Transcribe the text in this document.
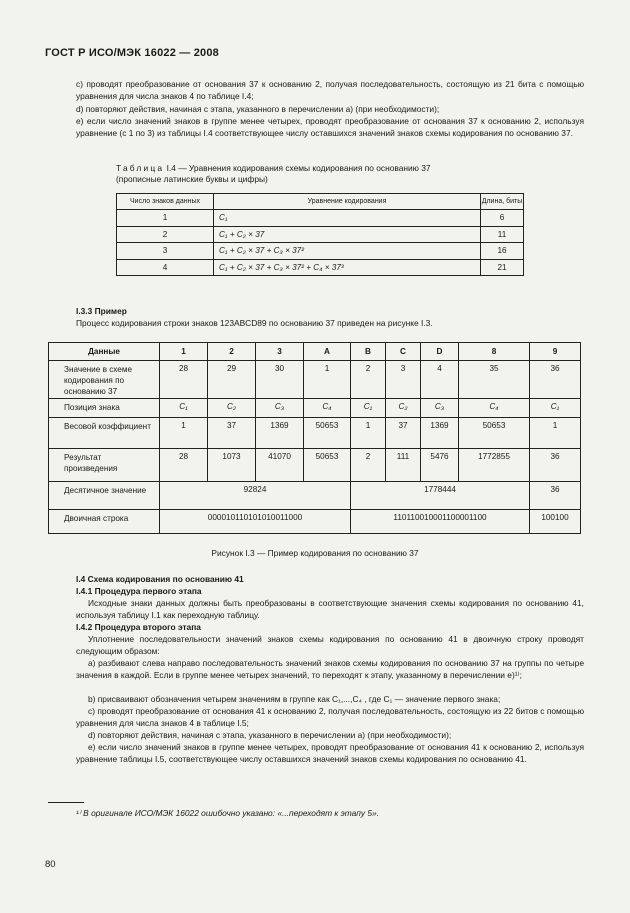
ГОСТ Р ИСО/МЭК 16022 — 2008
c) проводят преобразование от основания 37 к основанию 2, получая последовательность, состоящую из 21 бита с помощью уравнения для числа знаков 4 по таблице I.4;
d) повторяют действия, начиная с этапа, указанного в перечислении a) (при необходимости);
e) если число значений знаков в группе менее четырех, проводят преобразование от основания 37 к основанию 2, используя уравнение (с 1 по 3) из таблицы I.4 соответствующее числу оставшихся значений знаков схемы кодирования по основанию 37.
Таблица I.4 — Уравнения кодирования схемы кодирования по основанию 37
(прописные латинские буквы и цифры)
Число знаков данных	Уравнение кодирования	Длина, биты
1	C₁	6
2	C₁ + C₂ × 37	11
3	C₁ + C₂ × 37 + C₃ × 37²	16
4	C₁ + C₂ × 37 + C₃ × 37² + C₄ × 37³	21
I.3.3 Пример
Процесс кодирования строки знаков 123ABCD89 по основанию 37 приведен на рисунке I.3.
Данные	1	2	3	A	B	C	D	8	9
Значение в схеме кодирования по основанию 37	28	29	30	1	2	3	4	35	36
Позиция знака	C₁	C₂	C₃	C₄	C₁	C₂	C₃	C₄	C₁
Весовой коэффициент	1	37	1369	50653	1	37	1369	50653	1
Результат произведения	28	1073	41070	50653	2	111	5476	1772855	36
Десятичное значение	92824				1778444				36
Двоичная строка	000010110101010011000				110110010001100001100				100100
Рисунок I.3 — Пример кодирования по основанию 37
I.4 Схема кодирования по основанию 41
I.4.1 Процедура первого этапа
Исходные знаки данных должны быть преобразованы в соответствующие значения схемы кодирования по основанию 41, используя таблицу I.1 как переходную таблицу.
I.4.2 Процедура второго этапа
Уплотнение последовательности значений знаков схемы кодирования по основанию 41 в двоичную строку проводят следующим образом:
a) разбивают слева направо последовательность значений знаков схемы кодирования по основанию 37 на группы по четыре значения в каждой. Если в группе менее четырех значений, то переходят к этапу, указанному в перечислении e)¹⁾;
b) присваивают обозначения четырем значениям в группе как C₁,...,C₄ , где C₁ — значение первого знака;
c) проводят преобразование от основания 41 к основанию 2, получая последовательность, состоящую из 22 битов с помощью уравнения для числа знаков 4 в таблице I.5;
d) повторяют действия, начиная с этапа, указанного в перечислении a) (при необходимости);
e) если число значений знаков в группе менее четырех, проводят преобразование от основания 41 к основанию 2, используя уравнение таблицы I.5, соответствующее числу оставшихся значений знаков схемы кодирования по основанию 41.
¹⁾ В оригинале ИСО/МЭК 16022 ошибочно указано: «...переходят к этапу 5».
80
